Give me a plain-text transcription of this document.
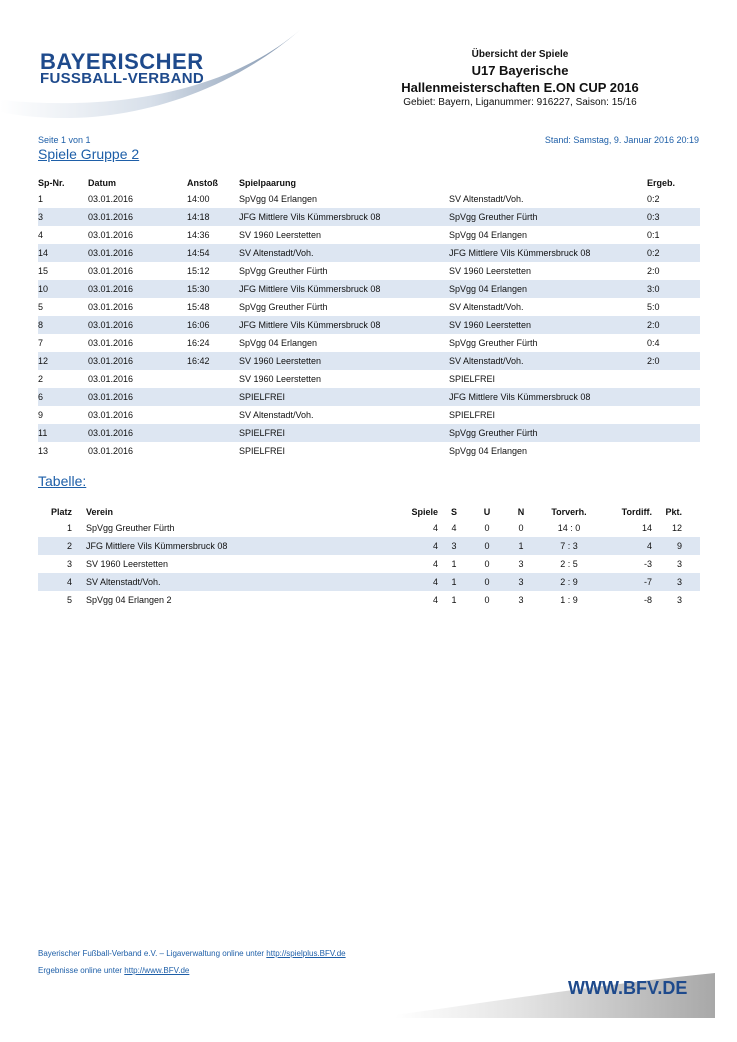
BAYERISCHER
FUSSBALL-VERBAND
Übersicht der Spiele
U17 Bayerische
Hallenmeisterschaften E.ON CUP 2016
Gebiet: Bayern, Liganummer: 916227, Saison: 15/16
Seite 1 von 1	Stand: Samstag, 9. Januar 2016 20:19
Spiele Gruppe 2
Sp-Nr.	Datum	Anstoß	Spielpaarung		Ergeb.
1	03.01.2016	14:00	SpVgg 04 Erlangen	SV Altenstadt/Voh.	0:2
3	03.01.2016	14:18	JFG Mittlere Vils Kümmersbruck 08	SpVgg Greuther Fürth	0:3
4	03.01.2016	14:36	SV 1960 Leerstetten	SpVgg 04 Erlangen	0:1
14	03.01.2016	14:54	SV Altenstadt/Voh.	JFG Mittlere Vils Kümmersbruck 08	0:2
15	03.01.2016	15:12	SpVgg Greuther Fürth	SV 1960 Leerstetten	2:0
10	03.01.2016	15:30	JFG Mittlere Vils Kümmersbruck 08	SpVgg 04 Erlangen	3:0
5	03.01.2016	15:48	SpVgg Greuther Fürth	SV Altenstadt/Voh.	5:0
8	03.01.2016	16:06	JFG Mittlere Vils Kümmersbruck 08	SV 1960 Leerstetten	2:0
7	03.01.2016	16:24	SpVgg 04 Erlangen	SpVgg Greuther Fürth	0:4
12	03.01.2016	16:42	SV 1960 Leerstetten	SV Altenstadt/Voh.	2:0
2	03.01.2016		SV 1960 Leerstetten	SPIELFREI	
6	03.01.2016		SPIELFREI	JFG Mittlere Vils Kümmersbruck 08	
9	03.01.2016		SV Altenstadt/Voh.	SPIELFREI	
11	03.01.2016		SPIELFREI	SpVgg Greuther Fürth	
13	03.01.2016		SPIELFREI	SpVgg 04 Erlangen	
Tabelle:
Platz		Verein	Spiele	S	U	N	Torverh.	Tordiff.	Pkt.	
1		SpVgg Greuther Fürth	4	4	0	0	14 : 0	14	12	
2		JFG Mittlere Vils Kümmersbruck 08	4	3	0	1	7 : 3	4	9	
3		SV 1960 Leerstetten	4	1	0	3	2 : 5	-3	3	
4		SV Altenstadt/Voh.	4	1	0	3	2 : 9	-7	3	
5		SpVgg 04 Erlangen 2	4	1	0	3	1 : 9	-8	3	
Bayerischer Fußball-Verband e.V. – Ligaverwaltung online unter http://spielplus.BFV.de
Ergebnisse online unter http://www.BFV.de
WWW.BFV.DE
